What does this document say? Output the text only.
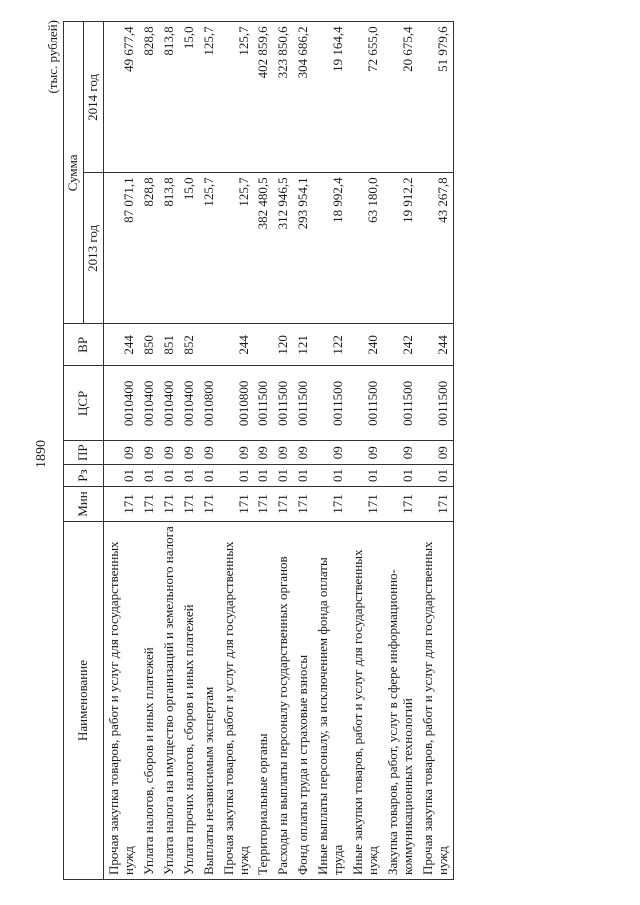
1890
(тыс. рублей)
Наименование	Мин	Рз	ПР	ЦСР	ВР	Сумма	
						2013 год	2014 год
Прочая закупка товаров, работ и услуг для государственных нужд	171	01	09	0010400	244	87 071,1	49 677,4
Уплата налогов, сборов и иных платежей	171	01	09	0010400	850	828,8	828,8
Уплата налога на имущество организаций и земельного налога	171	01	09	0010400	851	813,8	813,8
Уплата прочих налогов, сборов и иных платежей	171	01	09	0010400	852	15,0	15,0
Выплаты независимым экспертам	171	01	09	0010800		125,7	125,7
Прочая закупка товаров, работ и услуг для государственных нужд	171	01	09	0010800	244	125,7	125,7
Территориальные органы	171	01	09	0011500		382 480,5	402 859,6
Расходы на выплаты персоналу государственных органов	171	01	09	0011500	120	312 946,5	323 850,6
Фонд оплаты труда и страховые взносы	171	01	09	0011500	121	293 954,1	304 686,2
Иные выплаты персоналу, за исключением фонда оплаты труда	171	01	09	0011500	122	18 992,4	19 164,4
Иные закупки товаров, работ и услуг для государственных нужд	171	01	09	0011500	240	63 180,0	72 655,0
Закупка товаров, работ, услуг в сфере информационно-коммуникационных технологий	171	01	09	0011500	242	19 912,2	20 675,4
Прочая закупка товаров, работ и услуг для государственных нужд	171	01	09	0011500	244	43 267,8	51 979,6
